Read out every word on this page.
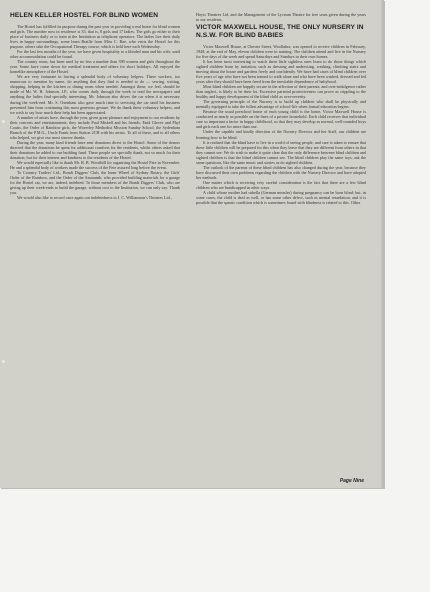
HELEN KELLER HOSTEL FOR BLIND WOMEN

The Hostel has fulfilled its purpose during the past year in providing a real home for blind women and girls. The number now in residence is 35, that is, 8 girls and 17 ladies. The girls go either to their place of business daily or to train at the Institution as telephone operators. The ladies live their daily lives in happy surroundings, some learn Braille from Miss C. Rae, who visits the Hostel for this purpose, others take the Occupational Therapy course, which is held here each Wednesday.

For the last few months of the year, we have given hospitality to a blinded man and his wife, until other accommodation could be found.

The country room, has been used by no less a number than 390 women and girls throughout the year. Some have come down for medical treatment and others for short holidays. All enjoyed the homelike atmosphere of the Hostel.

We are very fortunate in having a splendid body of voluntary helpers. These workers, too numerous to mention by name, do anything that they find is needed to do — sewing, writing, shopping, helping in the kitchen or dining room when needed. Amongst these, we feel, should be made of Mr. W. H. Johnson, J.P., who comes daily through the week to read the newspapers and anything the ladies find specially interesting. Mr. Johnson also drives the car when it is necessary during the week-end. Mr. S. Oxenham also gave much time to servicing the car until his business prevented him from continuing this most generous gesture. We do thank these voluntary helpers, and we wish to say how much their help has been appreciated.

A number of artists have, through the year, given great pleasure and enjoyment to our residents by their concerts and entertainments; they include Paul Miskell and his friends, Enid Glover and Phyl Coutts, the Order of Rainbow girls, the Waverley Methodist Mission Sunday School, the Sydenham Branch of the P.M.G., Uncle Frank from Station 2CH with his artists. To all of these, and to all others who helped, we give our most sincere thanks.

During the year, many kind friends have sent donations direct to the Hostel. Some of the donors directed that the donations be spent for additional comforts for the residents, whilst others asked that their donations be added to our building fund. These people we specially thank, not so much for their donation, but for their interest and kindness to the residents of the Hostel.

We would especially like to thank Mr. R. B. Woodhill for organising the Hostel Fete in November. He and a splendid body of workers made the success of the Fete assured long before the event.

To Country Traders' Ltd., Bondi Diggers' Club, the Inner Wheel of Sydney Rotary, the Girls' Order of the Rainbow, and the Order of the Amaranth, who provided building materials for a garage for the Hostel car, we are, indeed, indebted. To those members of the Bondi Diggers' Club, who are giving up their week-ends to build the garage, without cost to the Institution, we can only say: Thank you.

We would also like to record once again our indebtedness to J. C. Williamson's Theatres Ltd.,

Hoyts Theatres Ltd, and the Management of the Lyceum Theatre for free seats given during the years to our residents.

VICTOR MAXWELL HOUSE, THE ONLY NURSERY IN N.S.W. FOR BLIND BABIES

Victor Maxwell House, at Chester Street, Woollahra, was opened to receive children in February, 1948, at the end of May, eleven children were in training. The children attend and live in the Nursery for five days of the week and spend Saturdays and Sundays in their own homes.

It has been most interesting to watch these little sightless ones learn to do those things which sighted children learn by imitation, such as dressing and undressing, washing, climbing stairs and moving about the house and gardens freely and confidently. We have had cases of blind children over five years of age who have not been trained to walk alone and who have been washed, dressed and fed years after they should have been freed from the inevitable dependence of babyhood.

Most blind children are happily secure in the affection of their parents, and over-indulgence rather than neglect, is likely to be their lot. Excessive parental protectiveness can prove as crippling to the healthy and happy development of the blind child as over-severity.

The governing principle of the Nursery is to build up children who shall be physically and mentally equipped to take the fullest advantage of school-life when formal education begins.

Because the usual preschool home of each young child is the home, Victor Maxwell House is conducted as nearly as possible on the lines of a private household. Each child receives that individual care so important a factor in happy childhood, so that they may develop as normal, well-rounded boys and girls each one for more than one.

Under the capable and kindly direction of the Nursery Director and her Staff, our children are learning how to be blind.

It is realised that the blind have to live in a world of seeing people, and care is taken to ensure that these little children will be prepared for this when they leave that they are different from others in that they cannot see. We do wish to make it quite clear that the only difference between blind children and sighted children is that the blind children cannot see. The blind children play the same toys, ask the same questions, like the same music and stories as do sighted children.

The outlook of the parents of these blind children has also changed during the year, because they have discussed their own problems regarding the children with the Nursery Director and have adopted her methods.

One matter which is receiving very careful consideration is the fact that there are a few blind children who are handicapped in other ways.

A child whose mother had rubella (German measles) during pregnancy can be born blind; but, in some cases, the child is deaf as well, or has some other defect, such as mental retardation, and it is possible that the spastic condition which is sometimes found with blindness is related to this. Other

Page Nine
